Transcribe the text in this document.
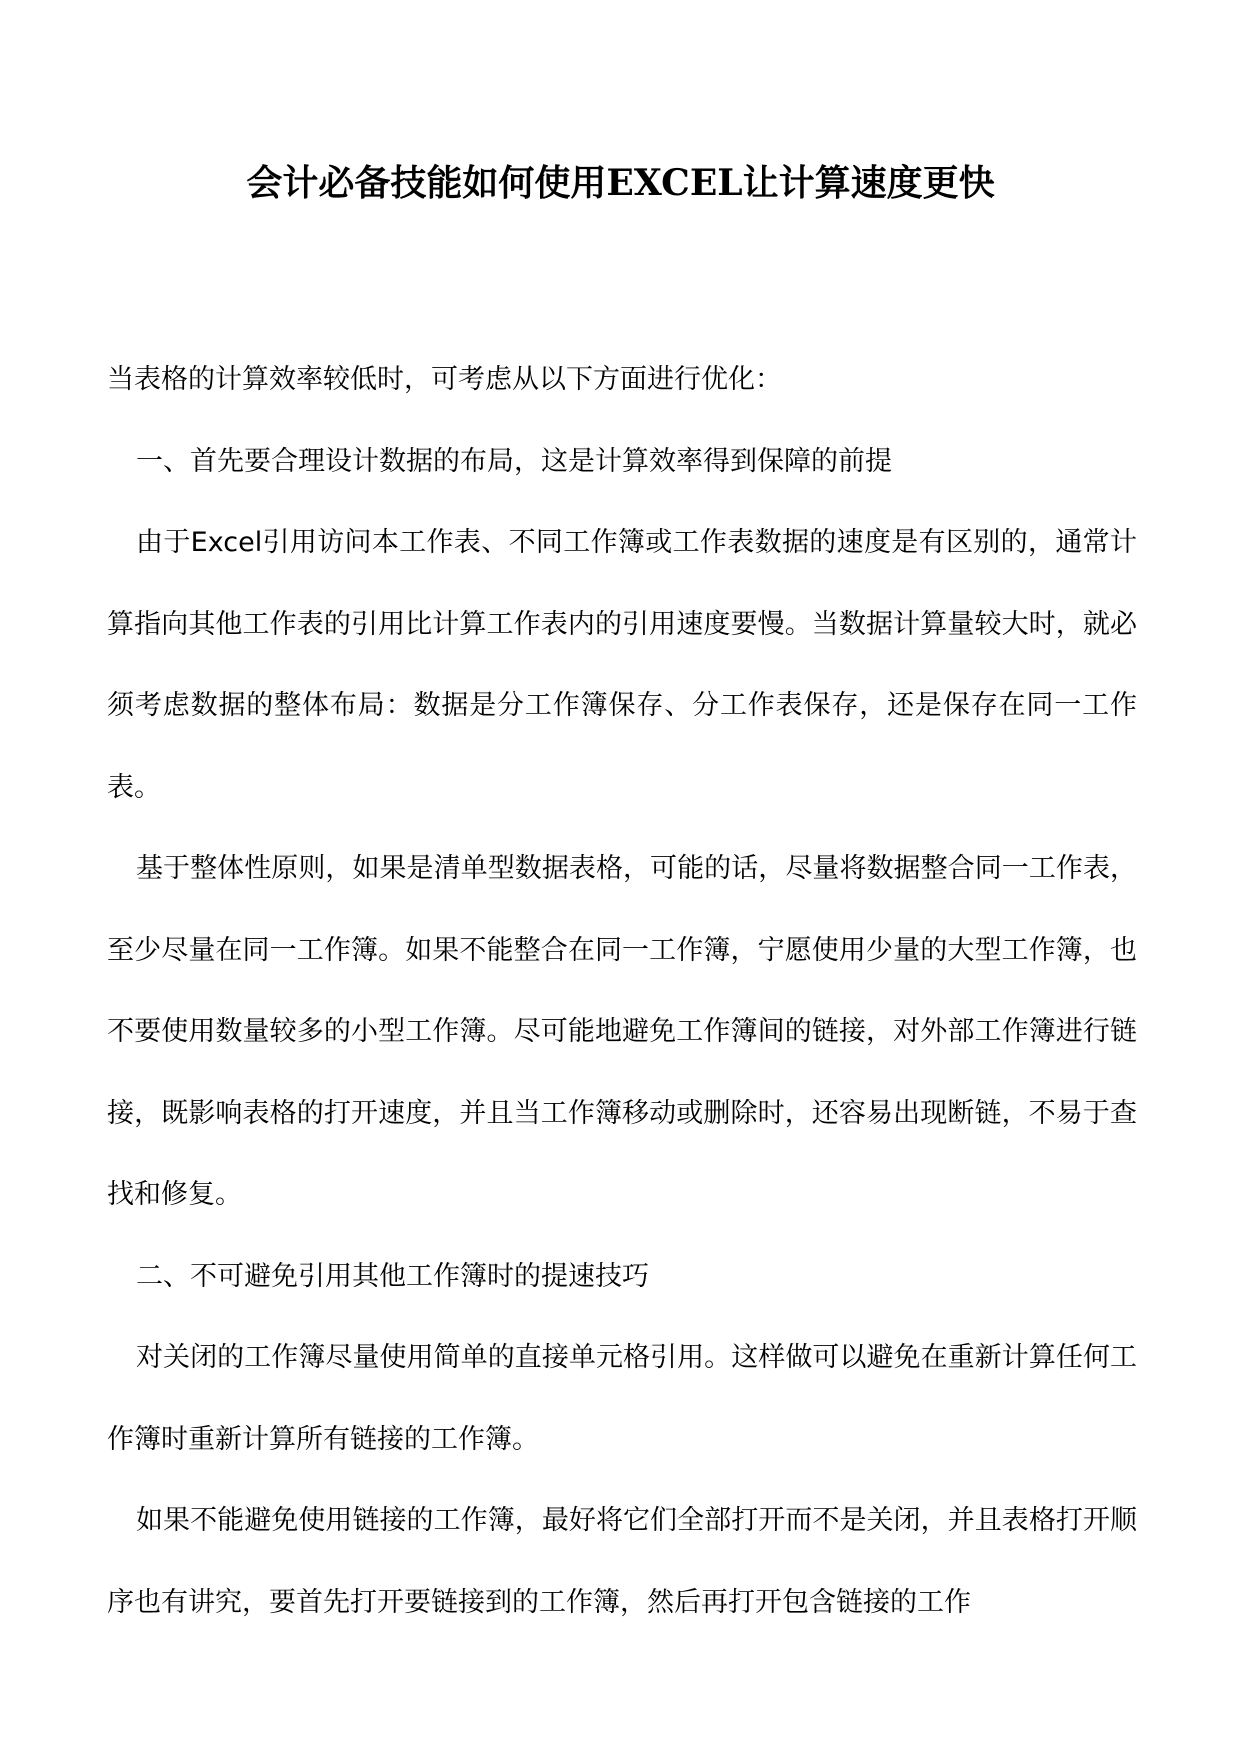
会计必备技能如何使用EXCEL让计算速度更快

当表格的计算效率较低时，可考虑从以下方面进行优化：

一、首先要合理设计数据的布局，这是计算效率得到保障的前提

由于Excel引用访问本工作表、不同工作簿或工作表数据的速度是有区别的，通常计算指向其他工作表的引用比计算工作表内的引用速度要慢。当数据计算量较大时，就必须考虑数据的整体布局：数据是分工作簿保存、分工作表保存，还是保存在同一工作表。

基于整体性原则，如果是清单型数据表格，可能的话，尽量将数据整合同一工作表，至少尽量在同一工作簿。如果不能整合在同一工作簿，宁愿使用少量的大型工作簿，也不要使用数量较多的小型工作簿。尽可能地避免工作簿间的链接，对外部工作簿进行链接，既影响表格的打开速度，并且当工作簿移动或删除时，还容易出现断链，不易于查找和修复。

二、不可避免引用其他工作簿时的提速技巧

对关闭的工作簿尽量使用简单的直接单元格引用。这样做可以避免在重新计算任何工作簿时重新计算所有链接的工作簿。

如果不能避免使用链接的工作簿，最好将它们全部打开而不是关闭，并且表格打开顺序也有讲究，要首先打开要链接到的工作簿，然后再打开包含链接的工作
